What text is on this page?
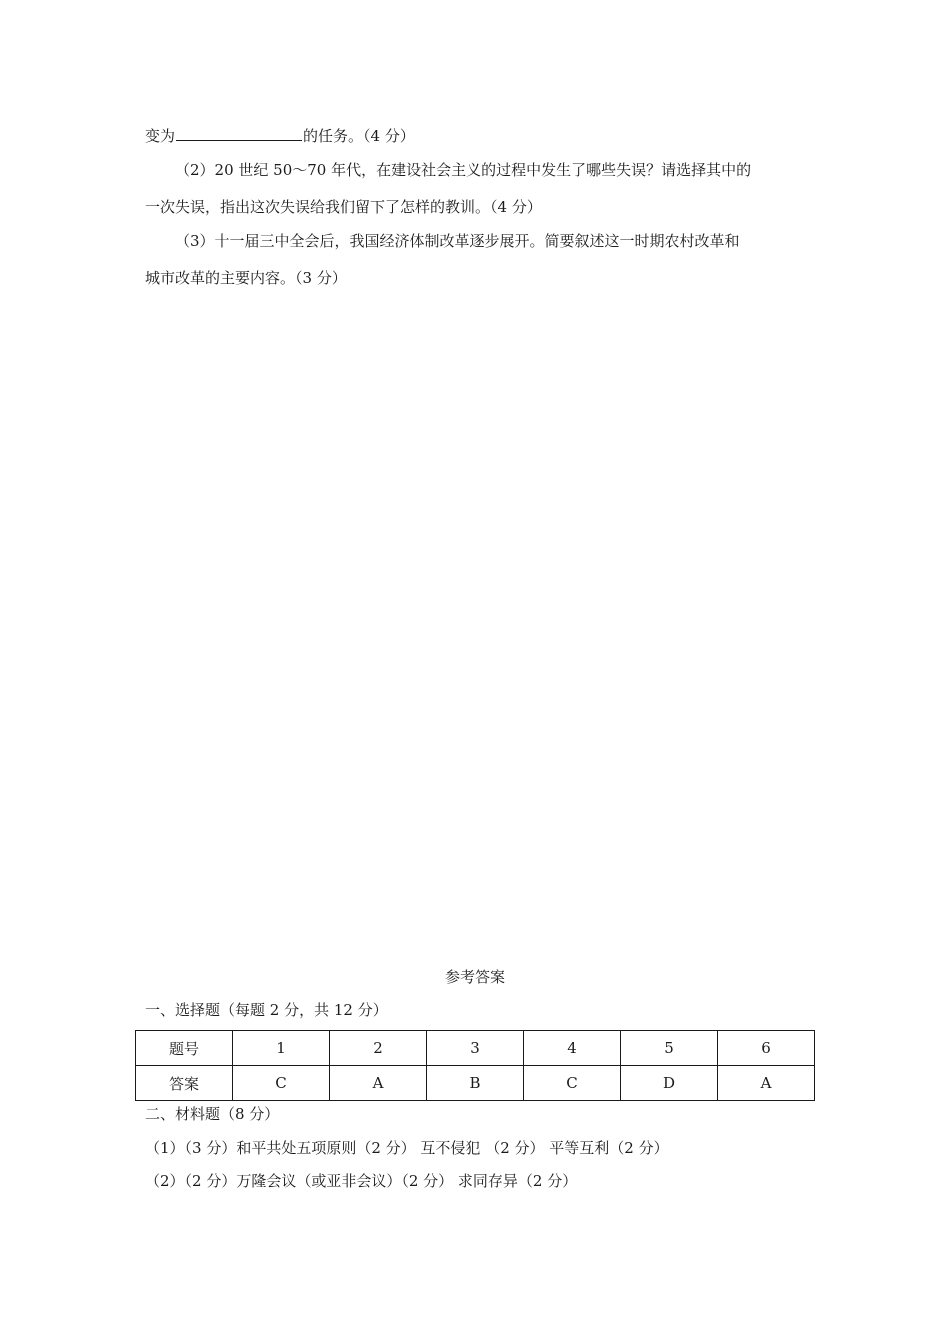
变为	的任务。（4 分）
（2）20 世纪 50～70 年代，在建设社会主义的过程中发生了哪些失误？请选择其中的
一次失误，指出这次失误给我们留下了怎样的教训。（4 分）
（3）十一届三中全会后，我国经济体制改革逐步展开。简要叙述这一时期农村改革和
城市改革的主要内容。（3 分）
参考答案
一、选择题（每题 2 分，共 12 分）
题号	1	2	3	4	5	6
答案	C	A	B	C	D	A
二、材料题（8 分）
（1）（3 分）和平共处五项原则（2 分） 互不侵犯 （2 分） 平等互利（2 分）
（2）（2 分）万隆会议（或亚非会议）（2 分） 求同存异（2 分）
